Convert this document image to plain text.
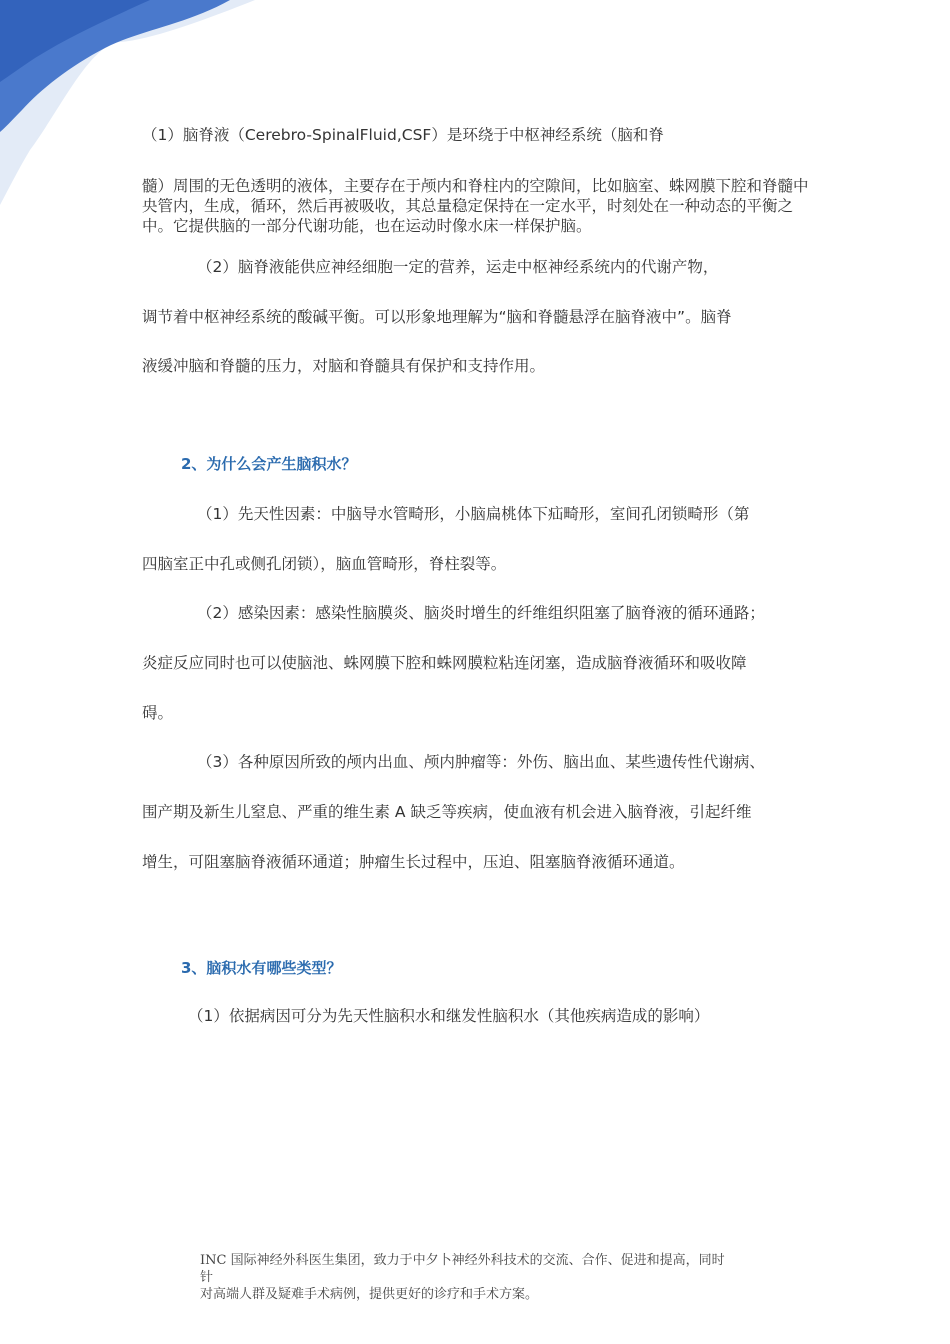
（1）脑脊液（Cerebro-SpinalFluid,CSF）是环绕于中枢神经系统（脑和脊
髓）周围的无色透明的液体，主要存在于颅内和脊柱内的空隙间，比如脑室、蛛网膜下腔和脊髓中央管内，生成，循环，然后再被吸收，其总量稳定保持在一定水平，时刻处在一种动态的平衡之中。它提供脑的一部分代谢功能，也在运动时像水床一样保护脑。
（2）脑脊液能供应神经细胞一定的营养，运走中枢神经系统内的代谢产物，
调节着中枢神经系统的酸碱平衡。可以形象地理解为“脑和脊髓悬浮在脑脊液中”。脑脊
液缓冲脑和脊髓的压力，对脑和脊髓具有保护和支持作用。
2、为什么会产生脑积水？
（1）先天性因素：中脑导水管畸形，小脑扁桃体下疝畸形，室间孔闭锁畸形（第
四脑室正中孔或侧孔闭锁），脑血管畸形，脊柱裂等。
（2）感染因素：感染性脑膜炎、脑炎时增生的纤维组织阻塞了脑脊液的循环通路；
炎症反应同时也可以使脑池、蛛网膜下腔和蛛网膜粒粘连闭塞，造成脑脊液循环和吸收障
碍。
（3）各种原因所致的颅内出血、颅内肿瘤等：外伤、脑出血、某些遗传性代谢病、
围产期及新生儿窒息、严重的维生素 A 缺乏等疾病，使血液有机会进入脑脊液，引起纤维
增生，可阻塞脑脊液循环通道；肿瘤生长过程中，压迫、阻塞脑脊液循环通道。
3、脑积水有哪些类型？
（1）依据病因可分为先天性脑积水和继发性脑积水（其他疾病造成的影响）
INC 国际神经外科医生集团，致力于中夕卜神经外科技术的交流、合作、促进和提高，同时
针
对高端人群及疑难手术病例，提供更好的诊疗和手术方案。
